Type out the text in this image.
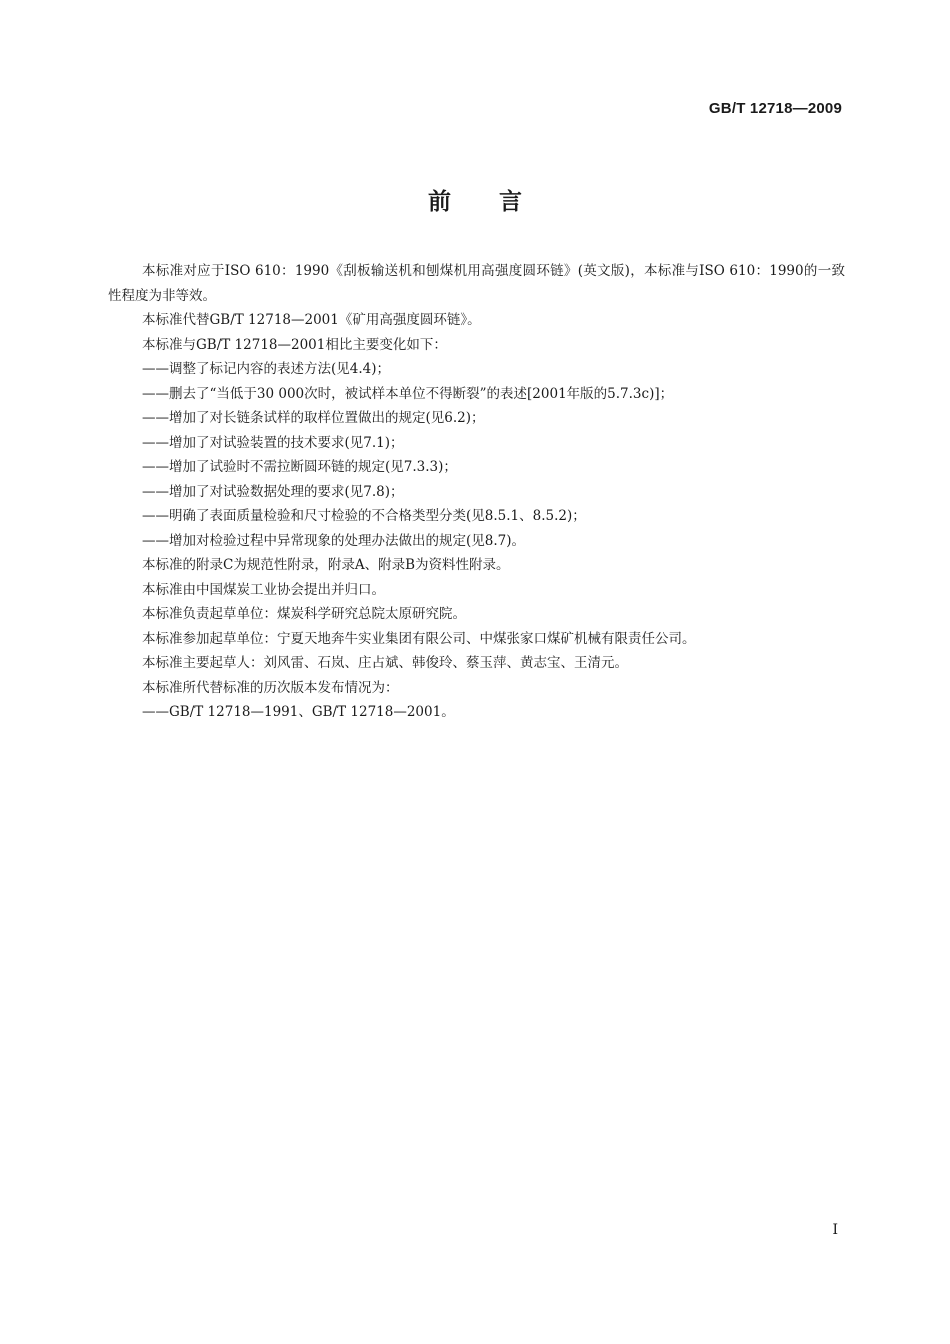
GB/T 12718—2009
前言

本标准对应于ISO 610：1990《刮板输送机和刨煤机用高强度圆环链》(英文版)，本标准与ISO 610：1990的一致性程度为非等效。

本标准代替GB/T 12718—2001《矿用高强度圆环链》。

本标准与GB/T 12718—2001相比主要变化如下：

——调整了标记内容的表述方法(见4.4)；

——删去了“当低于30 000次时，被试样本单位不得断裂”的表述[2001年版的5.7.3c)]；

——增加了对长链条试样的取样位置做出的规定(见6.2)；

——增加了对试验装置的技术要求(见7.1)；

——增加了试验时不需拉断圆环链的规定(见7.3.3)；

——增加了对试验数据处理的要求(见7.8)；

——明确了表面质量检验和尺寸检验的不合格类型分类(见8.5.1、8.5.2)；

——增加对检验过程中异常现象的处理办法做出的规定(见8.7)。

本标准的附录C为规范性附录，附录A、附录B为资料性附录。

本标准由中国煤炭工业协会提出并归口。

本标准负责起草单位：煤炭科学研究总院太原研究院。

本标准参加起草单位：宁夏天地奔牛实业集团有限公司、中煤张家口煤矿机械有限责任公司。

本标准主要起草人：刘风雷、石岚、庄占斌、韩俊玲、蔡玉萍、黄志宝、王清元。

本标准所代替标准的历次版本发布情况为：

——GB/T 12718—1991、GB/T 12718—2001。

I
